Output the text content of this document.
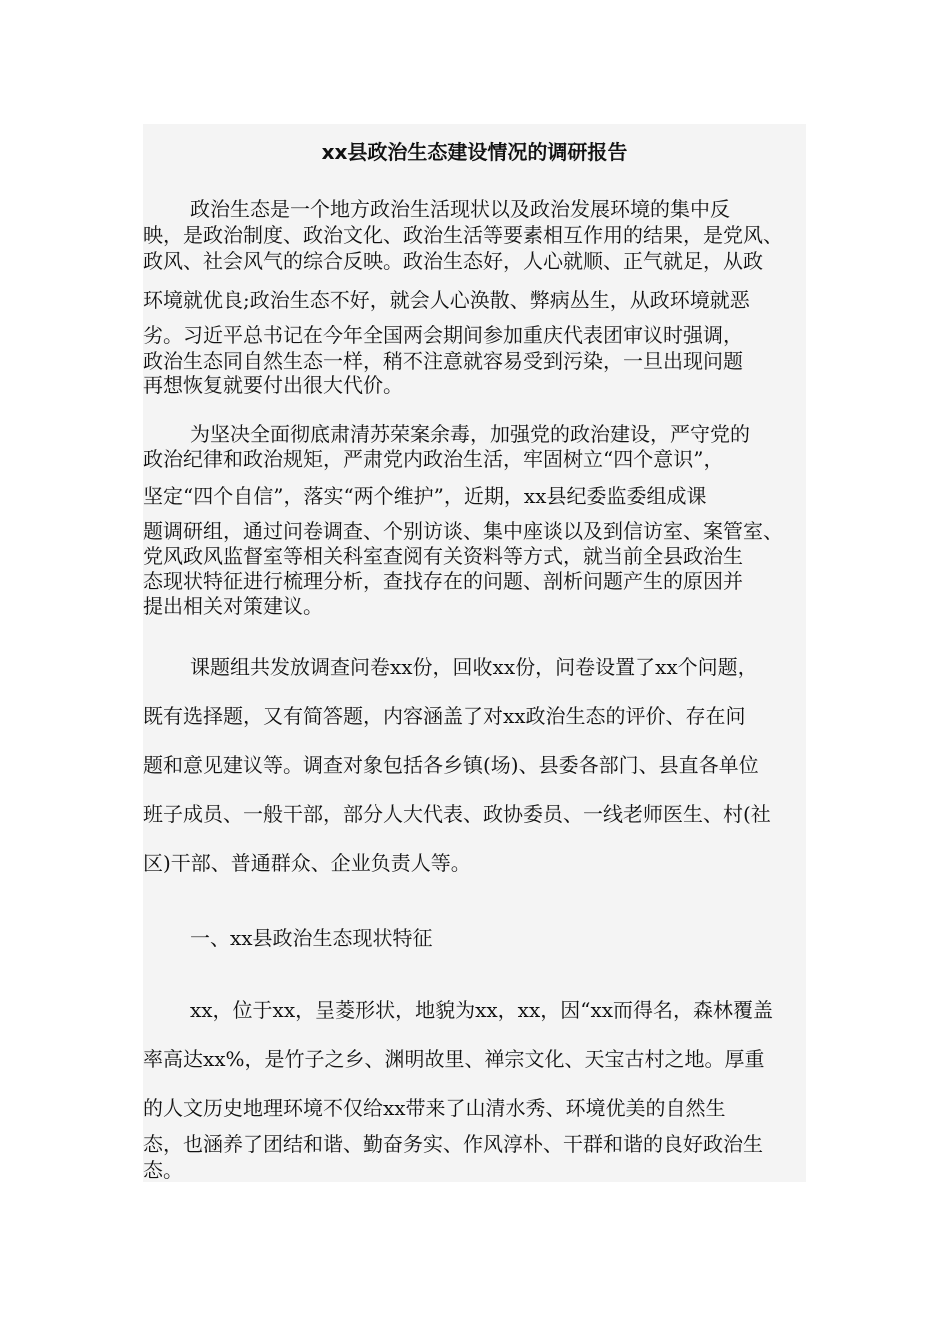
xx县政治生态建设情况的调研报告
政治生态是一个地方政治生活现状以及政治发展环境的集中反
映，是政治制度、政治文化、政治生活等要素相互作用的结果，是党风、
政风、社会风气的综合反映。政治生态好，人心就顺、正气就足，从政
环境就优良;政治生态不好，就会人心涣散、弊病丛生，从政环境就恶
劣。习近平总书记在今年全国两会期间参加重庆代表团审议时强调，
政治生态同自然生态一样，稍不注意就容易受到污染，一旦出现问题
再想恢复就要付出很大代价。
为坚决全面彻底肃清苏荣案余毒，加强党的政治建设，严守党的
政治纪律和政治规矩，严肃党内政治生活，牢固树立“四个意识”，
坚定“四个自信”，落实“两个维护”，近期，xx县纪委监委组成课
题调研组，通过问卷调查、个别访谈、集中座谈以及到信访室、案管室、
党风政风监督室等相关科室查阅有关资料等方式，就当前全县政治生
态现状特征进行梳理分析，查找存在的问题、剖析问题产生的原因并
提出相关对策建议。
课题组共发放调查问卷xx份，回收xx份，问卷设置了xx个问题，
既有选择题，又有简答题，内容涵盖了对xx政治生态的评价、存在问
题和意见建议等。调查对象包括各乡镇(场)、县委各部门、县直各单位
班子成员、一般干部，部分人大代表、政协委员、一线老师医生、村(社
区)干部、普通群众、企业负责人等。
一、xx县政治生态现状特征
xx，位于xx，呈菱形状，地貌为xx，xx，因“xx而得名，森林覆盖
率高达xx%，是竹子之乡、渊明故里、禅宗文化、天宝古村之地。厚重
的人文历史地理环境不仅给xx带来了山清水秀、环境优美的自然生
态，也涵养了团结和谐、勤奋务实、作风淳朴、干群和谐的良好政治生
态。
